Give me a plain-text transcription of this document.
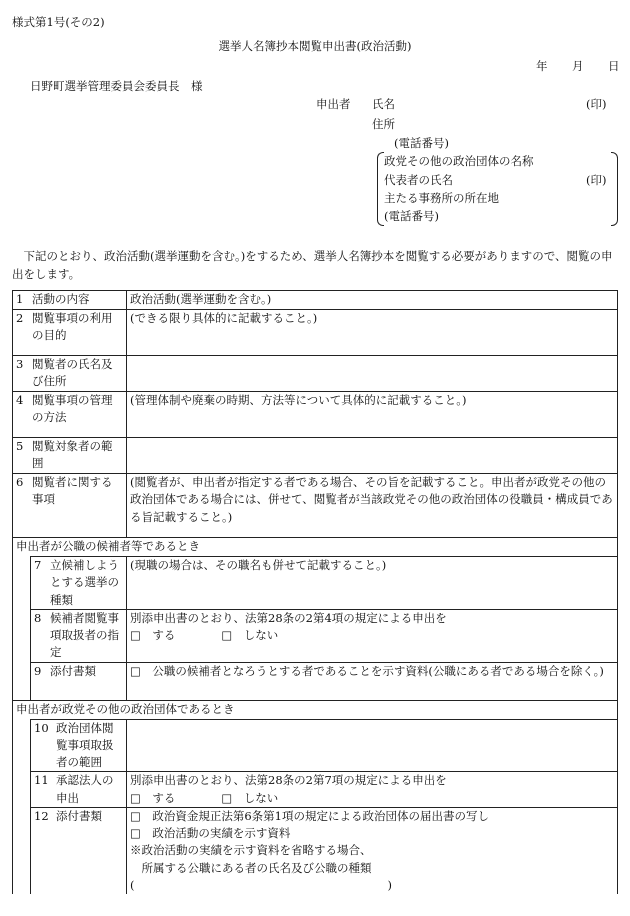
様式第1号(その2)
選挙人名簿抄本閲覧申出書(政治活動)
年 月 日
日野町選挙管理委員会委員長　様
申出者 氏名	(印)
住所
(電話番号)
政党その他の政治団体の名称
代表者の氏名	(印)
主たる事務所の所在地
(電話番号)
　下記のとおり、政治活動(選挙運動を含む。)をするため、選挙人名簿抄本を閲覧する必要がありますので、閲覧の申出をします。
1 活動の内容		政治活動(選挙運動を含む。)

2 閲覧事項の利用の目的		(できる限り具体的に記載すること。)

3 閲覧者の氏名及び住所		

4 閲覧事項の管理の方法		(管理体制や廃棄の時期、方法等について具体的に記載すること。)

5 閲覧対象者の範囲		

6 閲覧者に関する事項		(閲覧者が、申出者が指定する者である場合、その旨を記載すること。申出者が政党その他の政治団体である場合には、併せて、閲覧者が当該政党その他の政治団体の役職員・構成員である旨記載すること。)
申出者が公職の候補者等であるとき		

	7 立候補しようとする選挙の種類	(現職の場合は、その職名も併せて記載すること。)

	8 候補者閲覧事項取扱者の指定	別添申出書のとおり、法第28条の2第4項の規定による申出を
□　する　　　　□　しない

	9 添付書類	□　公職の候補者となろうとする者であることを示す資料(公職にある者である場合を除く。)
申出者が政党その他の政治団体であるとき		

	10 政治団体閲覧事項取扱者の範囲	

	11 承認法人の申出	別添申出書のとおり、法第28条の2第7項の規定による申出を
□　する　　　　□　しない

	12 添付書類	□　政治資金規正法第6条第1項の規定による政治団体の届出書の写し
□　政治活動の実績を示す資料
※政治活動の実績を示す資料を省略する場合、
　所属する公職にある者の氏名及び公職の種類
(　　　　　　　　　　　　　　　　　　　　　　)
